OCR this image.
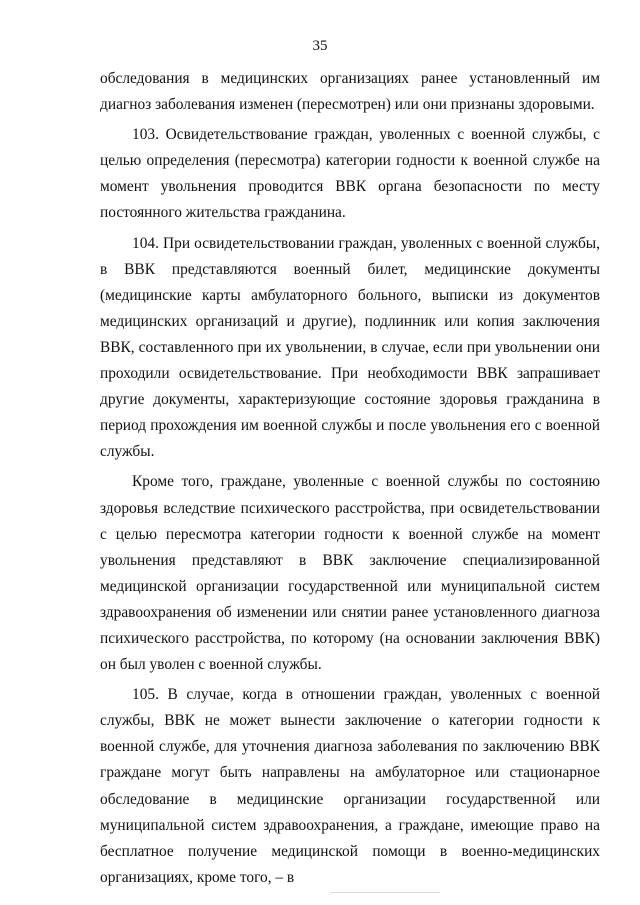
35

обследования в медицинских организациях ранее установленный им диагноз заболевания изменен (пересмотрен) или они признаны здоровыми.

103. Освидетельствование граждан, уволенных с военной службы, с целью определения (пересмотра) категории годности к военной службе на момент увольнения проводится ВВК органа безопасности по месту постоянного жительства гражданина.

104. При освидетельствовании граждан, уволенных с военной службы, в ВВК представляются военный билет, медицинские документы (медицинские карты амбулаторного больного, выписки из документов медицинских организаций и другие), подлинник или копия заключения ВВК, составленного при их увольнении, в случае, если при увольнении они проходили освидетельствование. При необходимости ВВК запрашивает другие документы, характеризующие состояние здоровья гражданина в период прохождения им военной службы и после увольнения его с военной службы.

Кроме того, граждане, уволенные с военной службы по состоянию здоровья вследствие психического расстройства, при освидетельствовании с целью пересмотра категории годности к военной службе на момент увольнения представляют в ВВК заключение специализированной медицинской организации государственной или муниципальной систем здравоохранения об изменении или снятии ранее установленного диагноза психического расстройства, по которому (на основании заключения ВВК) он был уволен с военной службы.

105. В случае, когда в отношении граждан, уволенных с военной службы, ВВК не может вынести заключение о категории годности к военной службе, для уточнения диагноза заболевания по заключению ВВК граждане могут быть направлены на амбулаторное или стационарное обследование в медицинские организации государственной или муниципальной систем здравоохранения, а граждане, имеющие право на бесплатное получение медицинской помощи в военно-медицинских организациях, кроме того, – в
